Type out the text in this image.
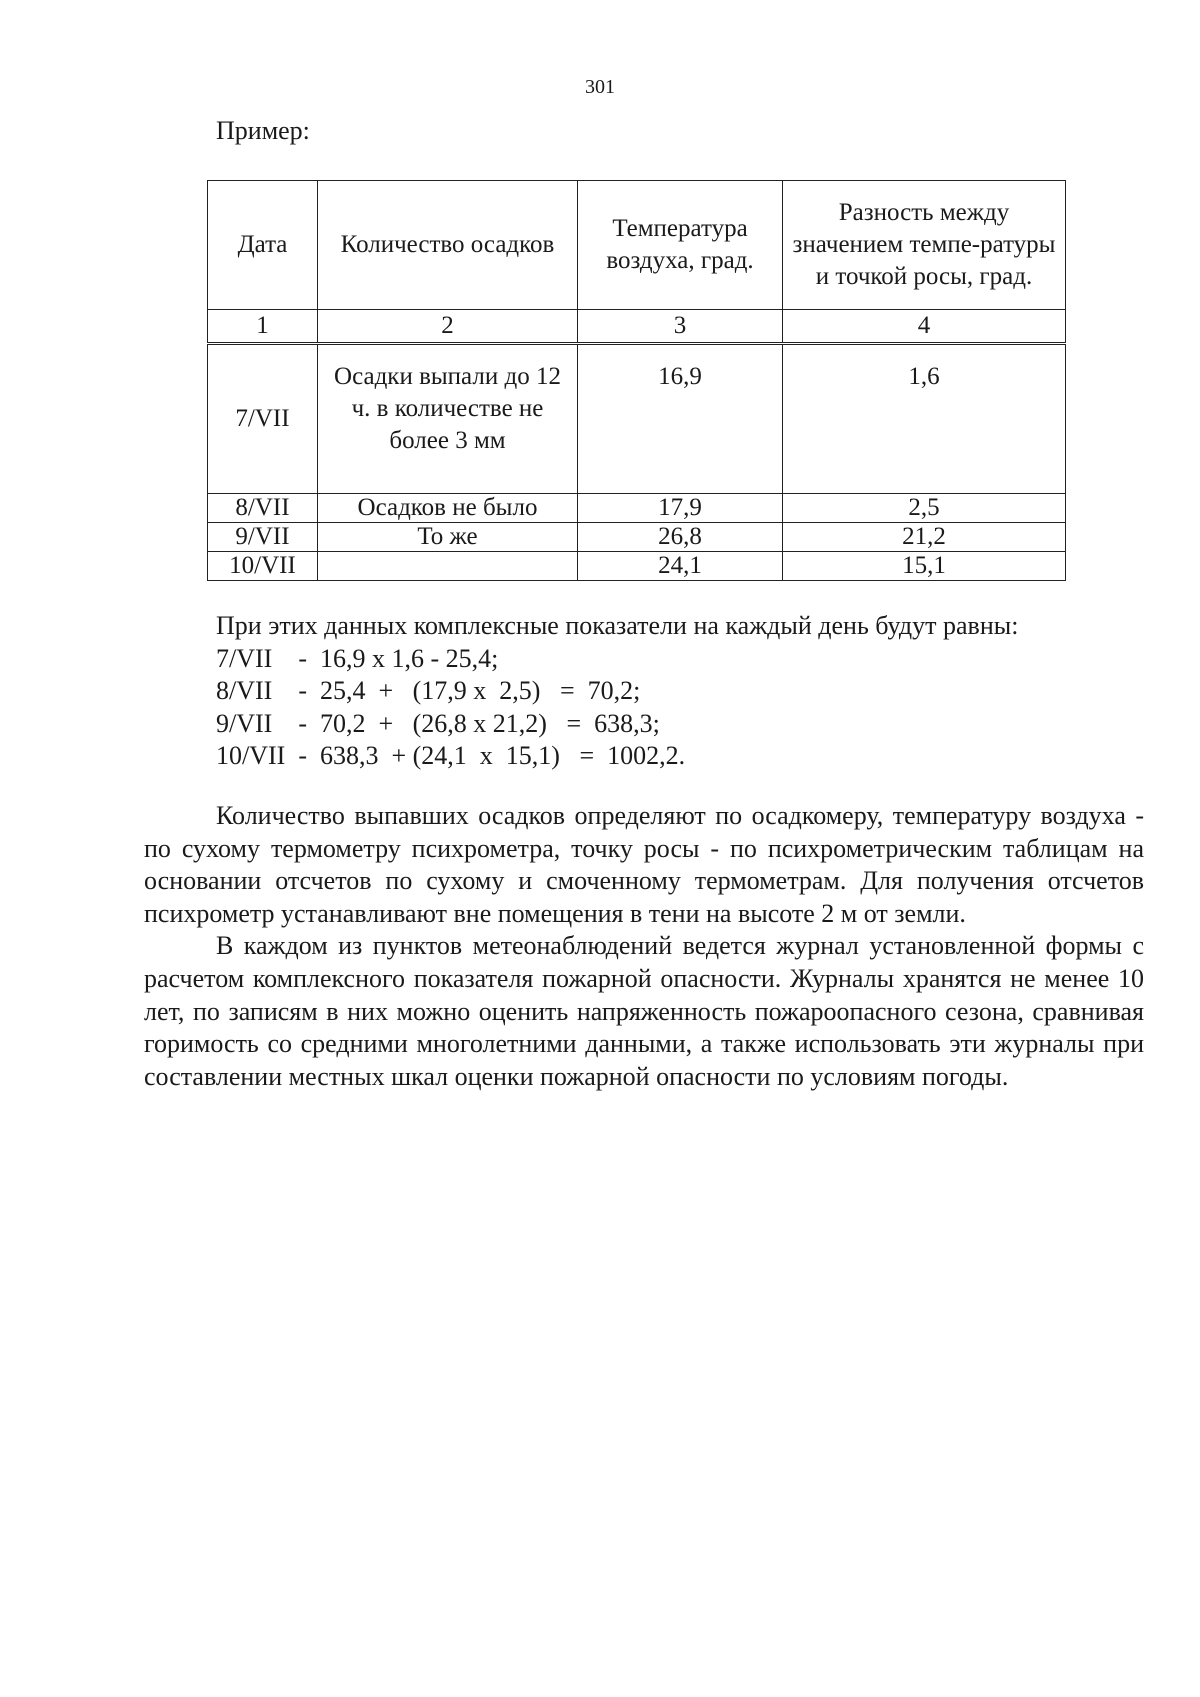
301
Пример:
Дата	Количество осадков	Температура воздуха, град.	Разность между значением темпе-ратуры и точкой росы, град.
1	2	3	4
7/VII	Осадки выпали до 12 ч. в количестве не более 3 мм	16,9	1,6
8/VII	Осадков не было	17,9	2,5
9/VII	То же	26,8	21,2
10/VII		24,1	15,1
При этих данных комплексные показатели на каждый день будут равны:
7/VII    -  16,9 х 1,6 - 25,4;
8/VII    -  25,4  +   (17,9 х  2,5)   =  70,2;
9/VII    -  70,2  +   (26,8 х 21,2)   =  638,3;
10/VII  -  638,3  + (24,1  х  15,1)   =  1002,2.

Количество выпавших осадков определяют по осадкомеру, температуру воздуха - по сухому термометру психрометра, точку росы - по психрометрическим таблицам на основании отсчетов по сухому и смоченному термометрам. Для получения отсчетов психрометр устанавливают вне помещения в тени на высоте 2 м от земли.

В каждом из пунктов метеонаблюдений ведется журнал установленной формы с расчетом комплексного показателя пожарной опасности. Журналы хранятся не менее 10 лет, по записям в них можно оценить напряженность пожароопасного сезона, сравнивая горимость со средними многолетними данными, а также использовать эти журналы при составлении местных шкал оценки пожарной опасности по условиям погоды.
